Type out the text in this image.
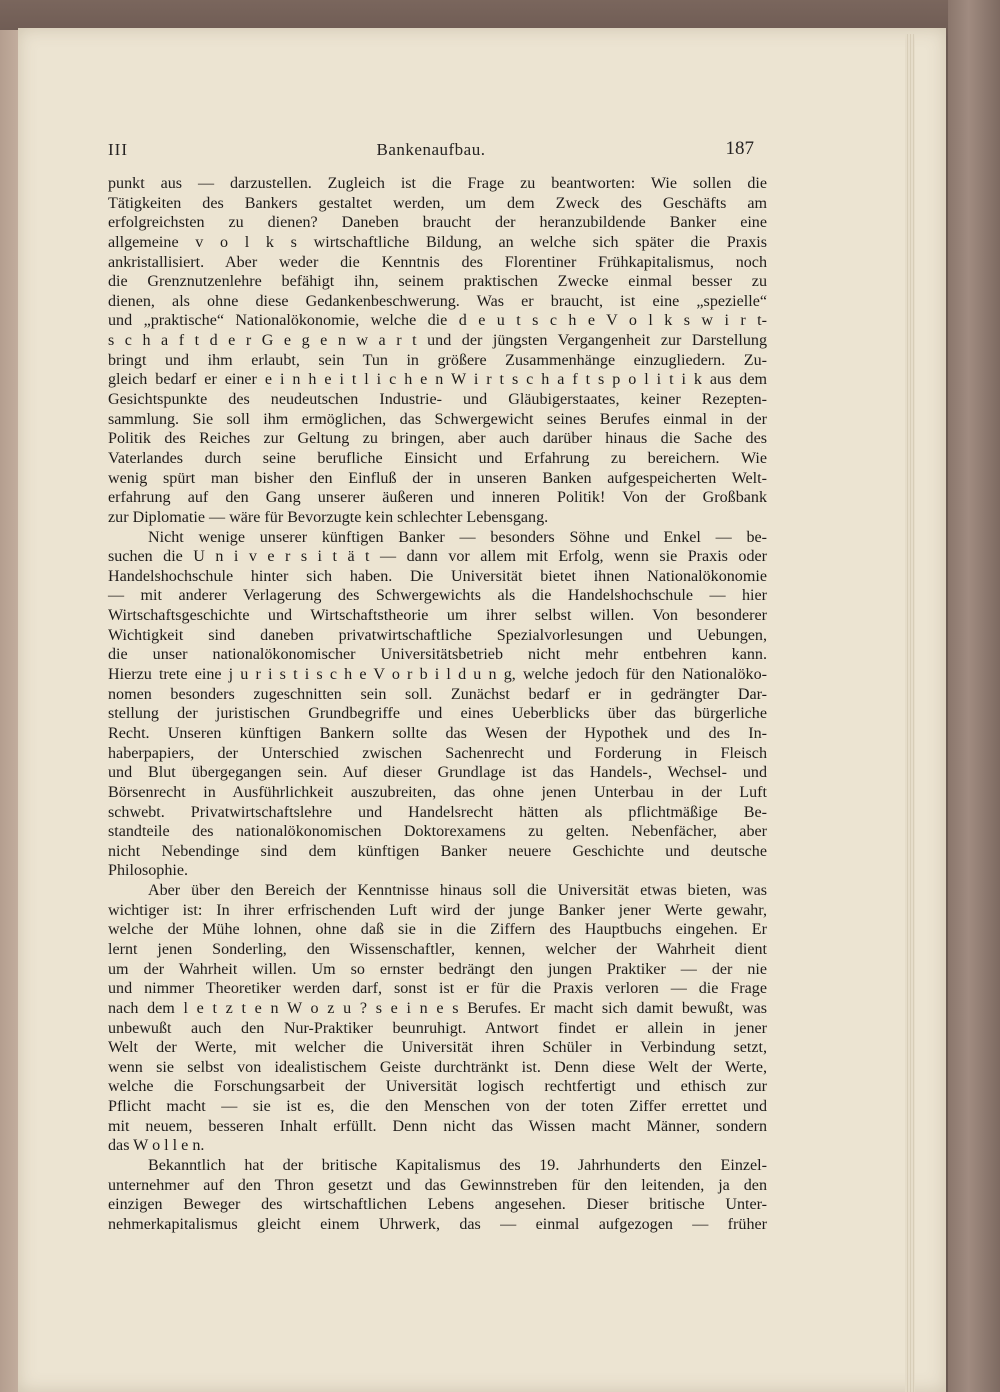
III	Bankenaufbau.	187
punkt aus — darzustellen. Zugleich ist die Frage zu beantworten: Wie sollen die
Tätigkeiten des Bankers gestaltet werden, um dem Zweck des Geschäfts am
erfolgreichsten zu dienen? Daneben braucht der heranzubildende Banker eine
allgemeine v o l k s wirtschaftliche Bildung, an welche sich später die Praxis
ankristallisiert. Aber weder die Kenntnis des Florentiner Frühkapitalismus, noch
die Grenznutzenlehre befähigt ihn, seinem praktischen Zwecke einmal besser zu
dienen, als ohne diese Gedankenbeschwerung. Was er braucht, ist eine „spezielle“
und „praktische“ Nationalökonomie, welche die d e u t s c h e V o l k s w i r t-
s c h a f t d e r G e g e n w a r t und der jüngsten Vergangenheit zur Darstellung
bringt und ihm erlaubt, sein Tun in größere Zusammenhänge einzugliedern. Zu-
gleich bedarf er einer e i n h e i t l i c h e n W i r t s c h a f t s p o l i t i k aus dem
Gesichtspunkte des neudeutschen Industrie- und Gläubigerstaates, keiner Rezepten-
sammlung. Sie soll ihm ermöglichen, das Schwergewicht seines Berufes einmal in der
Politik des Reiches zur Geltung zu bringen, aber auch darüber hinaus die Sache des
Vaterlandes durch seine berufliche Einsicht und Erfahrung zu bereichern. Wie
wenig spürt man bisher den Einfluß der in unseren Banken aufgespeicherten Welt-
erfahrung auf den Gang unserer äußeren und inneren Politik! Von der Großbank
zur Diplomatie — wäre für Bevorzugte kein schlechter Lebensgang.
Nicht wenige unserer künftigen Banker — besonders Söhne und Enkel — be-
suchen die U n i v e r s i t ä t — dann vor allem mit Erfolg, wenn sie Praxis oder
Handelshochschule hinter sich haben. Die Universität bietet ihnen Nationalökonomie
— mit anderer Verlagerung des Schwergewichts als die Handelshochschule — hier
Wirtschaftsgeschichte und Wirtschaftstheorie um ihrer selbst willen. Von besonderer
Wichtigkeit sind daneben privatwirtschaftliche Spezialvorlesungen und Uebungen,
die unser nationalökonomischer Universitätsbetrieb nicht mehr entbehren kann.
Hierzu trete eine j u r i s t i s c h e V o r b i l d u n g, welche jedoch für den Nationalöko-
nomen besonders zugeschnitten sein soll. Zunächst bedarf er in gedrängter Dar-
stellung der juristischen Grundbegriffe und eines Ueberblicks über das bürgerliche
Recht. Unseren künftigen Bankern sollte das Wesen der Hypothek und des In-
haberpapiers, der Unterschied zwischen Sachenrecht und Forderung in Fleisch
und Blut übergegangen sein. Auf dieser Grundlage ist das Handels-, Wechsel- und
Börsenrecht in Ausführlichkeit auszubreiten, das ohne jenen Unterbau in der Luft
schwebt. Privatwirtschaftslehre und Handelsrecht hätten als pflichtmäßige Be-
standteile des nationalökonomischen Doktorexamens zu gelten. Nebenfächer, aber
nicht Nebendinge sind dem künftigen Banker neuere Geschichte und deutsche
Philosophie.
Aber über den Bereich der Kenntnisse hinaus soll die Universität etwas bieten, was
wichtiger ist: In ihrer erfrischenden Luft wird der junge Banker jener Werte gewahr,
welche der Mühe lohnen, ohne daß sie in die Ziffern des Hauptbuchs eingehen. Er
lernt jenen Sonderling, den Wissenschaftler, kennen, welcher der Wahrheit dient
um der Wahrheit willen. Um so ernster bedrängt den jungen Praktiker — der nie
und nimmer Theoretiker werden darf, sonst ist er für die Praxis verloren — die Frage
nach dem l e t z t e n W o z u ? s e i n e s Berufes. Er macht sich damit bewußt, was
unbewußt auch den Nur-Praktiker beunruhigt. Antwort findet er allein in jener
Welt der Werte, mit welcher die Universität ihren Schüler in Verbindung setzt,
wenn sie selbst von idealistischem Geiste durchtränkt ist. Denn diese Welt der Werte,
welche die Forschungsarbeit der Universität logisch rechtfertigt und ethisch zur
Pflicht macht — sie ist es, die den Menschen von der toten Ziffer errettet und
mit neuem, besseren Inhalt erfüllt. Denn nicht das Wissen macht Männer, sondern
das W o l l e n.
Bekanntlich hat der britische Kapitalismus des 19. Jahrhunderts den Einzel-
unternehmer auf den Thron gesetzt und das Gewinnstreben für den leitenden, ja den
einzigen Beweger des wirtschaftlichen Lebens angesehen. Dieser britische Unter-
nehmerkapitalismus gleicht einem Uhrwerk, das — einmal aufgezogen — früher
